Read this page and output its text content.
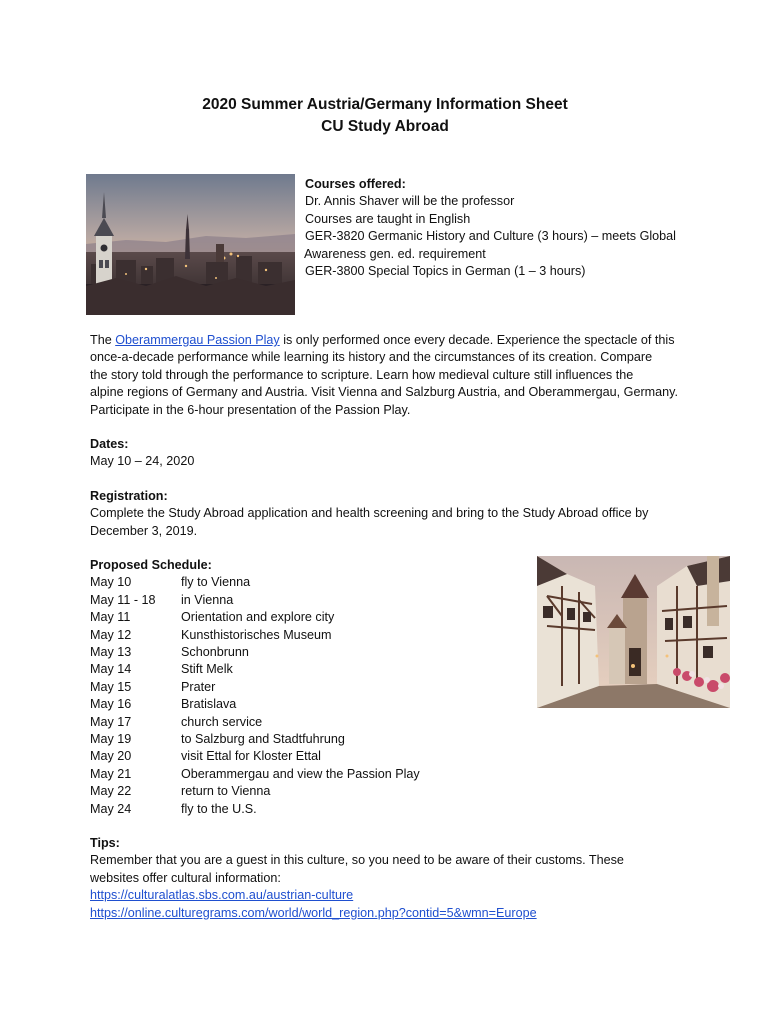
2020 Summer Austria/Germany Information Sheet
CU Study Abroad
Courses offered:
Dr. Annis Shaver will be the professor
Courses are taught in English
GER-3820 Germanic History and Culture (3 hours) – meets Global
Awareness gen. ed. requirement
GER-3800 Special Topics in German (1 – 3 hours)
The Oberammergau Passion Play is only performed once every decade. Experience the spectacle of this
once-a-decade performance while learning its history and the circumstances of its creation. Compare
the story told through the performance to scripture. Learn how medieval culture still influences the
alpine regions of Germany and Austria. Visit Vienna and Salzburg Austria, and Oberammergau, Germany.
Participate in the 6-hour presentation of the Passion Play.
Dates:
May 10 – 24, 2020
Registration:
Complete the Study Abroad application and health screening and bring to the Study Abroad office by
December 3, 2019.
Proposed Schedule:
May 10	fly to Vienna
May 11 - 18	in Vienna
May 11	Orientation and explore city
May 12	Kunsthistorisches Museum
May 13	Schonbrunn
May 14	Stift Melk
May 15	Prater
May 16	Bratislava
May 17	church service
May 19	to Salzburg and Stadtfuhrung
May 20	visit Ettal for Kloster Ettal
May 21	Oberammergau and view the Passion Play
May 22	return to Vienna
May 24	fly to the U.S.
Tips:
Remember that you are a guest in this culture, so you need to be aware of their customs. These
websites offer cultural information:
https://culturalatlas.sbs.com.au/austrian-culture
https://online.culturegrams.com/world/world_region.php?contid=5&wmn=Europe
